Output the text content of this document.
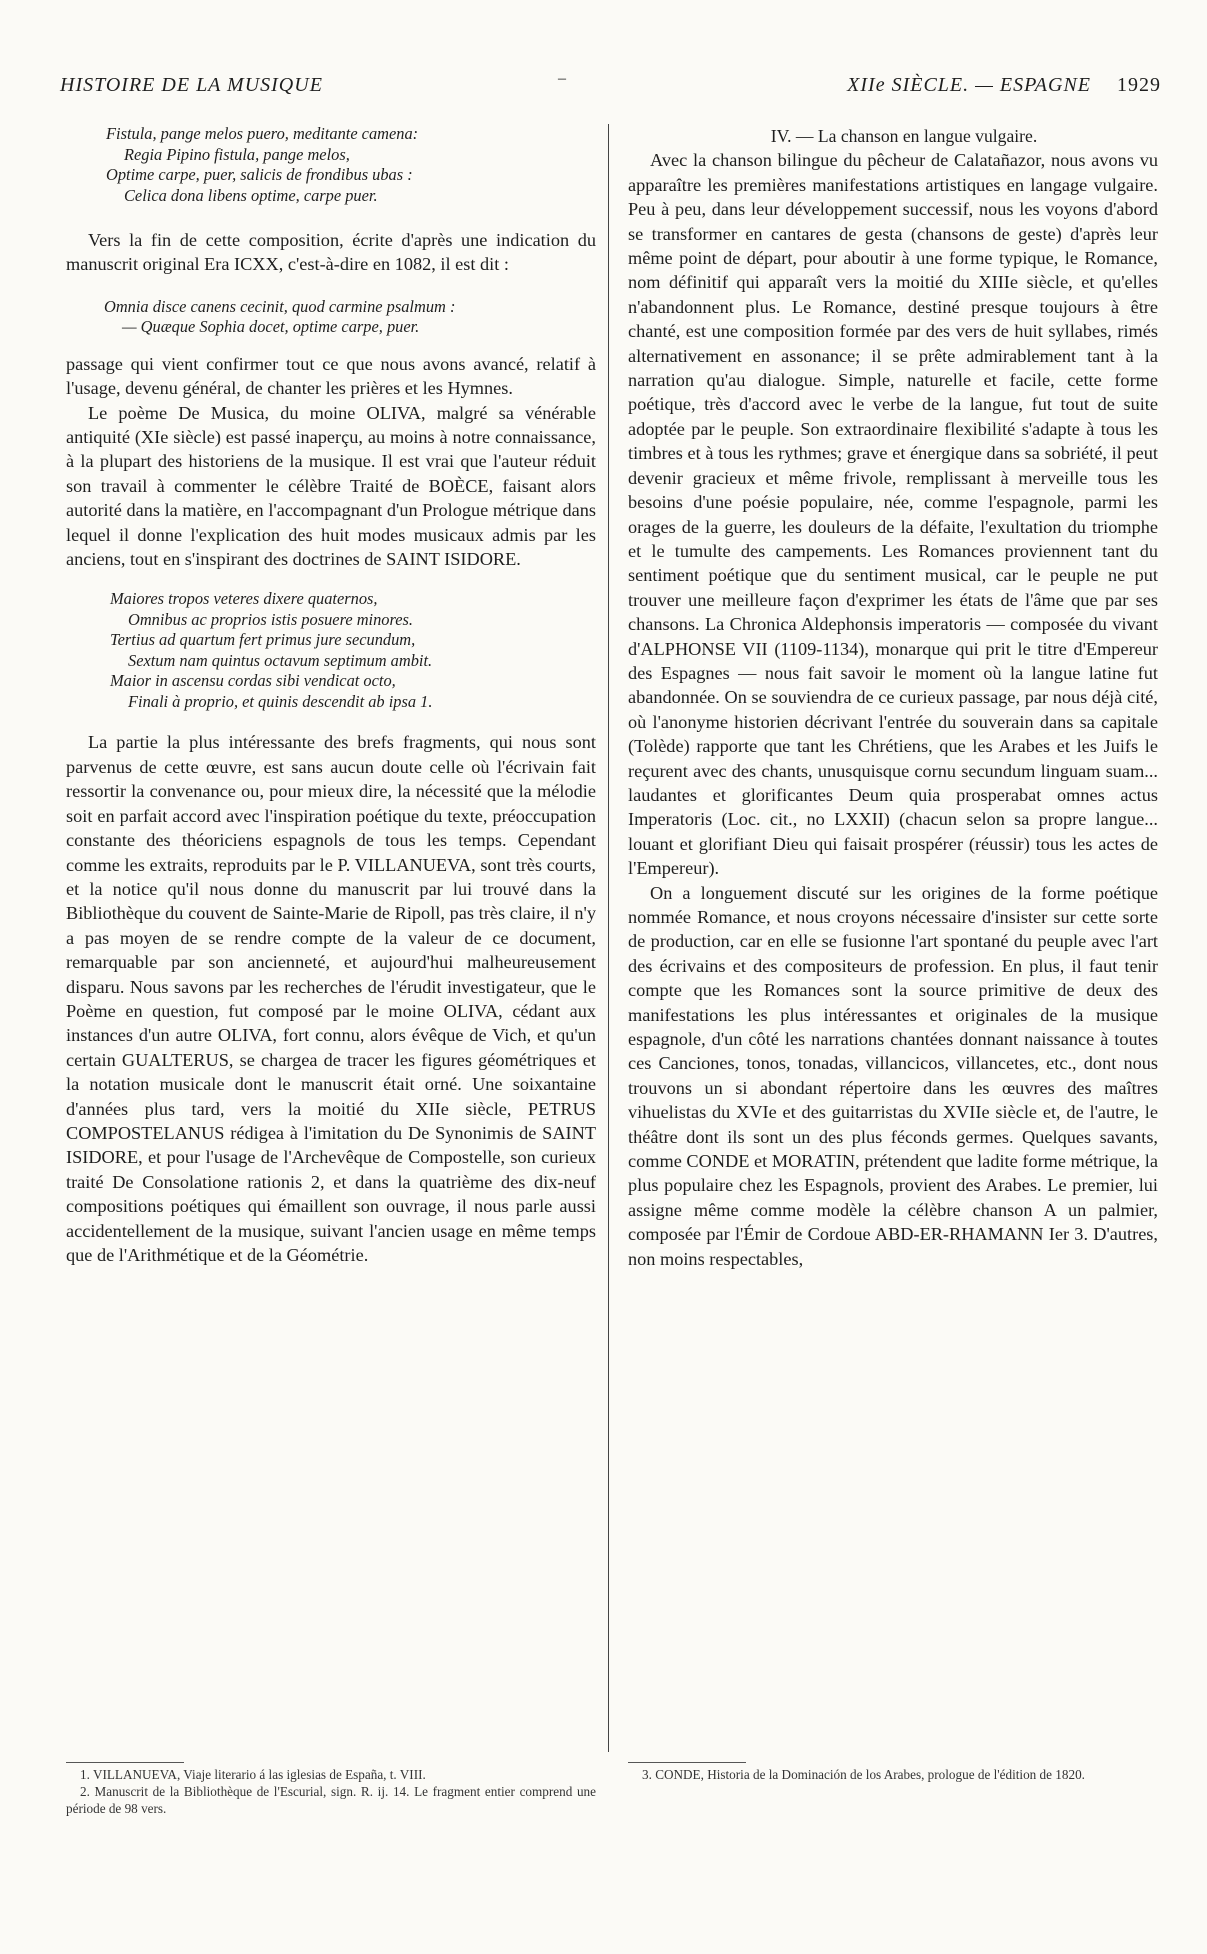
HISTOIRE DE LA MUSIQUE	‒	XIIe SIÈCLE. — ESPAGNE 1929
Fistula, pange melos puero, meditante camena:
Regia Pipino fistula, pange melos,
Optime carpe, puer, salicis de frondibus ubas :
Celica dona libens optime, carpe puer.

Vers la fin de cette composition, écrite d'après une indication du manuscrit original Era ICXX, c'est-à-dire en 1082, il est dit :

Omnia disce canens cecinit, quod carmine psalmum :
— Quæque Sophia docet, optime carpe, puer.

passage qui vient confirmer tout ce que nous avons avancé, relatif à l'usage, devenu général, de chanter les prières et les Hymnes.

Le poème De Musica, du moine OLIVA, malgré sa vénérable antiquité (XIe siècle) est passé inaperçu, au moins à notre connaissance, à la plupart des historiens de la musique. Il est vrai que l'auteur réduit son travail à commenter le célèbre Traité de BOÈCE, faisant alors autorité dans la matière, en l'accompagnant d'un Prologue métrique dans lequel il donne l'explication des huit modes musicaux admis par les anciens, tout en s'inspirant des doctrines de SAINT ISIDORE.

Maiores tropos veteres dixere quaternos,
Omnibus ac proprios istis posuere minores.
Tertius ad quartum fert primus jure secundum,
Sextum nam quintus octavum septimum ambit.
Maior in ascensu cordas sibi vendicat octo,
Finali à proprio, et quinis descendit ab ipsa 1.

La partie la plus intéressante des brefs fragments, qui nous sont parvenus de cette œuvre, est sans aucun doute celle où l'écrivain fait ressortir la convenance ou, pour mieux dire, la nécessité que la mélodie soit en parfait accord avec l'inspiration poétique du texte, préoccupation constante des théoriciens espagnols de tous les temps. Cependant comme les extraits, reproduits par le P. VILLANUEVA, sont très courts, et la notice qu'il nous donne du manuscrit par lui trouvé dans la Bibliothèque du couvent de Sainte-Marie de Ripoll, pas très claire, il n'y a pas moyen de se rendre compte de la valeur de ce document, remarquable par son ancienneté, et aujourd'hui malheureusement disparu. Nous savons par les recherches de l'érudit investigateur, que le Poème en question, fut composé par le moine OLIVA, cédant aux instances d'un autre OLIVA, fort connu, alors évêque de Vich, et qu'un certain GUALTERUS, se chargea de tracer les figures géométriques et la notation musicale dont le manuscrit était orné. Une soixantaine d'années plus tard, vers la moitié du XIIe siècle, PETRUS COMPOSTELANUS rédigea à l'imitation du De Synonimis de SAINT ISIDORE, et pour l'usage de l'Archevêque de Compostelle, son curieux traité De Consolatione rationis 2, et dans la quatrième des dix-neuf compositions poétiques qui émaillent son ouvrage, il nous parle aussi accidentellement de la musique, suivant l'ancien usage en même temps que de l'Arithmétique et de la Géométrie.

1. VILLANUEVA, Viaje literario á las iglesias de España, t. VIII.

2. Manuscrit de la Bibliothèque de l'Escurial, sign. R. ij. 14. Le fragment entier comprend une période de 98 vers.

IV. — La chanson en langue vulgaire.

Avec la chanson bilingue du pêcheur de Calatañazor, nous avons vu apparaître les premières manifestations artistiques en langage vulgaire. Peu à peu, dans leur développement successif, nous les voyons d'abord se transformer en cantares de gesta (chansons de geste) d'après leur même point de départ, pour aboutir à une forme typique, le Romance, nom définitif qui apparaît vers la moitié du XIIIe siècle, et qu'elles n'abandonnent plus. Le Romance, destiné presque toujours à être chanté, est une composition formée par des vers de huit syllabes, rimés alternativement en assonance; il se prête admirablement tant à la narration qu'au dialogue. Simple, naturelle et facile, cette forme poétique, très d'accord avec le verbe de la langue, fut tout de suite adoptée par le peuple. Son extraordinaire flexibilité s'adapte à tous les timbres et à tous les rythmes; grave et énergique dans sa sobriété, il peut devenir gracieux et même frivole, remplissant à merveille tous les besoins d'une poésie populaire, née, comme l'espagnole, parmi les orages de la guerre, les douleurs de la défaite, l'exultation du triomphe et le tumulte des campements. Les Romances proviennent tant du sentiment poétique que du sentiment musical, car le peuple ne put trouver une meilleure façon d'exprimer les états de l'âme que par ses chansons. La Chronica Aldephonsis imperatoris — composée du vivant d'ALPHONSE VII (1109-1134), monarque qui prit le titre d'Empereur des Espagnes — nous fait savoir le moment où la langue latine fut abandonnée. On se souviendra de ce curieux passage, par nous déjà cité, où l'anonyme historien décrivant l'entrée du souverain dans sa capitale (Tolède) rapporte que tant les Chrétiens, que les Arabes et les Juifs le reçurent avec des chants, unusquisque cornu secundum linguam suam... laudantes et glorificantes Deum quia prosperabat omnes actus Imperatoris (Loc. cit., no LXXII) (chacun selon sa propre langue... louant et glorifiant Dieu qui faisait prospérer (réussir) tous les actes de l'Empereur).

On a longuement discuté sur les origines de la forme poétique nommée Romance, et nous croyons nécessaire d'insister sur cette sorte de production, car en elle se fusionne l'art spontané du peuple avec l'art des écrivains et des compositeurs de profession. En plus, il faut tenir compte que les Romances sont la source primitive de deux des manifestations les plus intéressantes et originales de la musique espagnole, d'un côté les narrations chantées donnant naissance à toutes ces Canciones, tonos, tonadas, villancicos, villancetes, etc., dont nous trouvons un si abondant répertoire dans les œuvres des maîtres vihuelistas du XVIe et des guitarristas du XVIIe siècle et, de l'autre, le théâtre dont ils sont un des plus féconds germes. Quelques savants, comme CONDE et MORATIN, prétendent que ladite forme métrique, la plus populaire chez les Espagnols, provient des Arabes. Le premier, lui assigne même comme modèle la célèbre chanson A un palmier, composée par l'Émir de Cordoue ABD-ER-RHAMANN Ier 3. D'autres, non moins respectables,

3. CONDE, Historia de la Dominación de los Arabes, prologue de l'édition de 1820.
